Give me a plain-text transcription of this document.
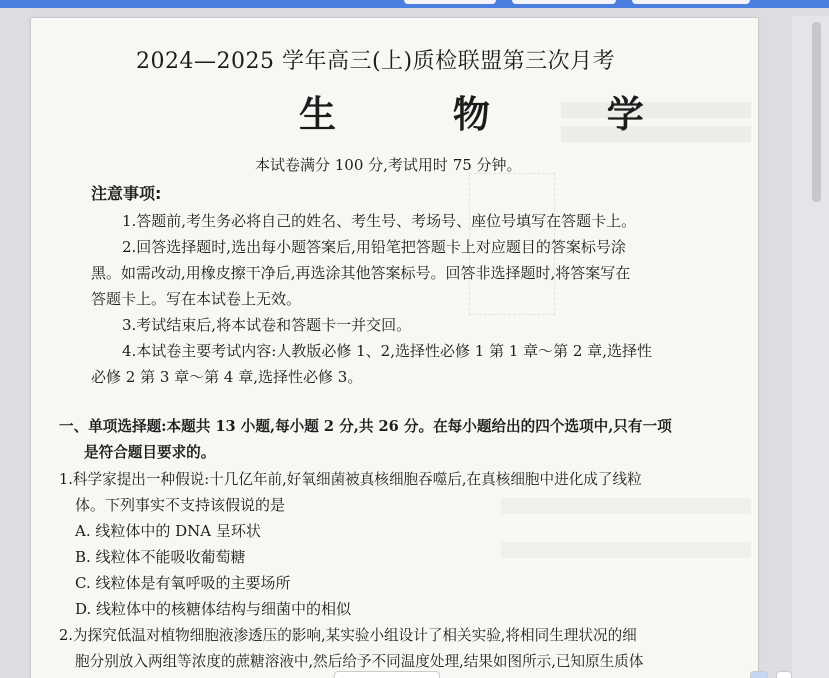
2024—2025 学年高三(上)质检联盟第三次月考
生 物 学
本试卷满分 100 分,考试用时 75 分钟。
注意事项:
1.答题前,考生务必将自己的姓名、考生号、考场号、座位号填写在答题卡上。
2.回答选择题时,选出每小题答案后,用铅笔把答题卡上对应题目的答案标号涂
黑。如需改动,用橡皮擦干净后,再选涂其他答案标号。回答非选择题时,将答案写在
答题卡上。写在本试卷上无效。
3.考试结束后,将本试卷和答题卡一并交回。
4.本试卷主要考试内容:人教版必修 1、2,选择性必修 1 第 1 章～第 2 章,选择性
必修 2 第 3 章～第 4 章,选择性必修 3。
一、单项选择题:本题共 13 小题,每小题 2 分,共 26 分。在每小题给出的四个选项中,只有一项
是符合题目要求的。
1.科学家提出一种假说:十几亿年前,好氧细菌被真核细胞吞噬后,在真核细胞中进化成了线粒
体。下列事实不支持该假说的是
A. 线粒体中的 DNA 呈环状
B. 线粒体不能吸收葡萄糖
C. 线粒体是有氧呼吸的主要场所
D. 线粒体中的核糖体结构与细菌中的相似
2.为探究低温对植物细胞液渗透压的影响,某实验小组设计了相关实验,将相同生理状况的细
胞分别放入两组等浓度的蔗糖溶液中,然后给予不同温度处理,结果如图所示,已知原生质体
